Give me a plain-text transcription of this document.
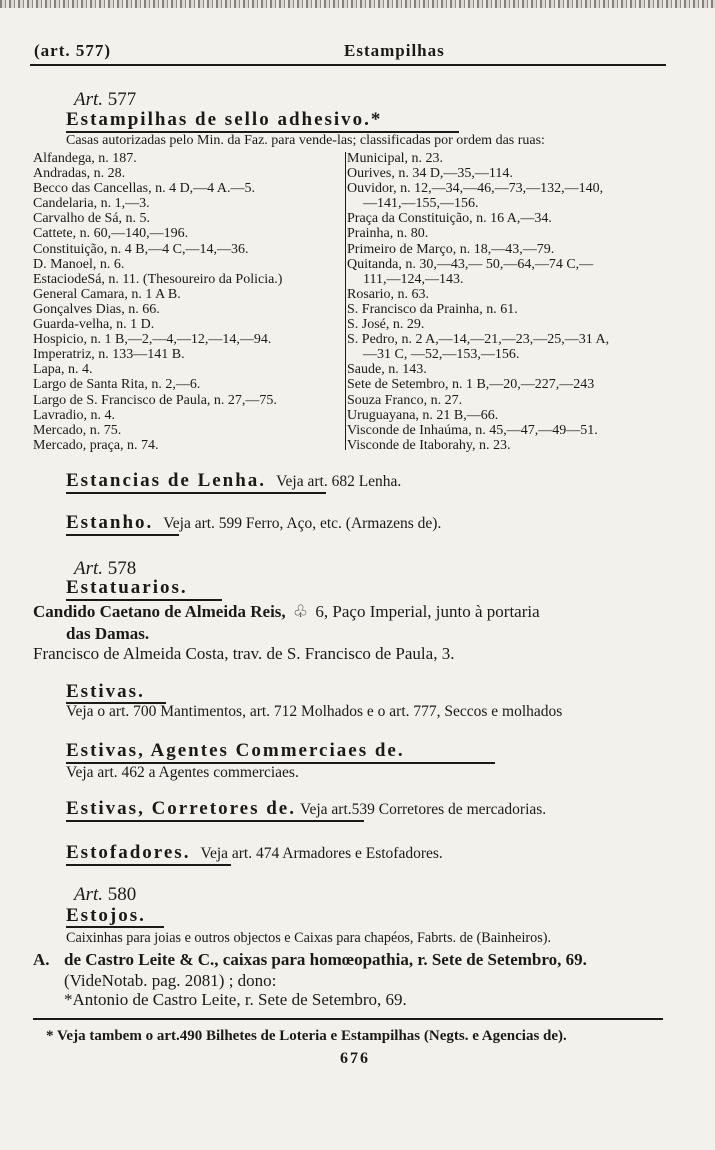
(art. 577)	Estampilhas
Art. 577
Estampilhas de sello adhesivo.*
Casas autorizadas pelo Min. da Faz. para vende-las; classificadas por ordem das ruas:
Alfandega, n. 187.
Andradas, n. 28.
Becco das Cancellas, n. 4 D,—4 A.—5.
Candelaria, n. 1,—3.
Carvalho de Sá, n. 5.
Cattete, n. 60,—140,—196.
Constituição, n. 4 B,—4 C,—14,—36.
D. Manoel, n. 6.
EstaciodeSá, n. 11. (Thesoureiro da Policia.)
General Camara, n. 1 A B.
Gonçalves Dias, n. 66.
Guarda-velha, n. 1 D.
Hospicio, n. 1 B,—2,—4,—12,—14,—94.
Imperatriz, n. 133—141 B.
Lapa, n. 4.
Largo de Santa Rita, n. 2,—6.
Largo de S. Francisco de Paula, n. 27,—75.
Lavradio, n. 4.
Mercado, n. 75.
Mercado, praça, n. 74.
Municipal, n. 23.
Ourives, n. 34 D,—35,—114.
Ouvidor, n. 12,—34,—46,—73,—132,—140,
—141,—155,—156.
Praça da Constituição, n. 16 A,—34.
Prainha, n. 80.
Primeiro de Março, n. 18,—43,—79.
Quitanda, n. 30,—43,— 50,—64,—74 C,—
111,—124,—143.
Rosario, n. 63.
S. Francisco da Prainha, n. 61.
S. José, n. 29.
S. Pedro, n. 2 A,—14,—21,—23,—25,—31 A,
—31 C, —52,—153,—156.
Saude, n. 143.
Sete de Setembro, n. 1 B,—20,—227,—243
Souza Franco, n. 27.
Uruguayana, n. 21 B,—66.
Visconde de Inhaúma, n. 45,—47,—49—51.
Visconde de Itaborahy, n. 23.
Estancias de Lenha. Veja art. 682 Lenha.
Estanho. Veja art. 599 Ferro, Aço, etc. (Armazens de).
Art. 578
Estatuarios.
Candido Caetano de Almeida Reis, ♧ 6, Paço Imperial, junto à portaria
das Damas.
Francisco de Almeida Costa, trav. de S. Francisco de Paula, 3.
Estivas.
Veja o art. 700 Mantimentos, art. 712 Molhados e o art. 777, Seccos e molhados
Estivas, Agentes Commerciaes de.
Veja art. 462 a Agentes commerciaes.
Estivas, Corretores de. Veja art.539 Corretores de mercadorias.
Estofadores. Veja art. 474 Armadores e Estofadores.
Art. 580
Estojos.
Caixinhas para joias e outros objectos e Caixas para chapéos, Fabrts. de (Bainheiros).
A. de Castro Leite & C., caixas para homœopathia, r. Sete de Setembro, 69.
(VideNotab. pag. 2081) ; dono:
*Antonio de Castro Leite, r. Sete de Setembro, 69.
* Veja tambem o art.490 Bilhetes de Loteria e Estampilhas (Negts. e Agencias de).
676
